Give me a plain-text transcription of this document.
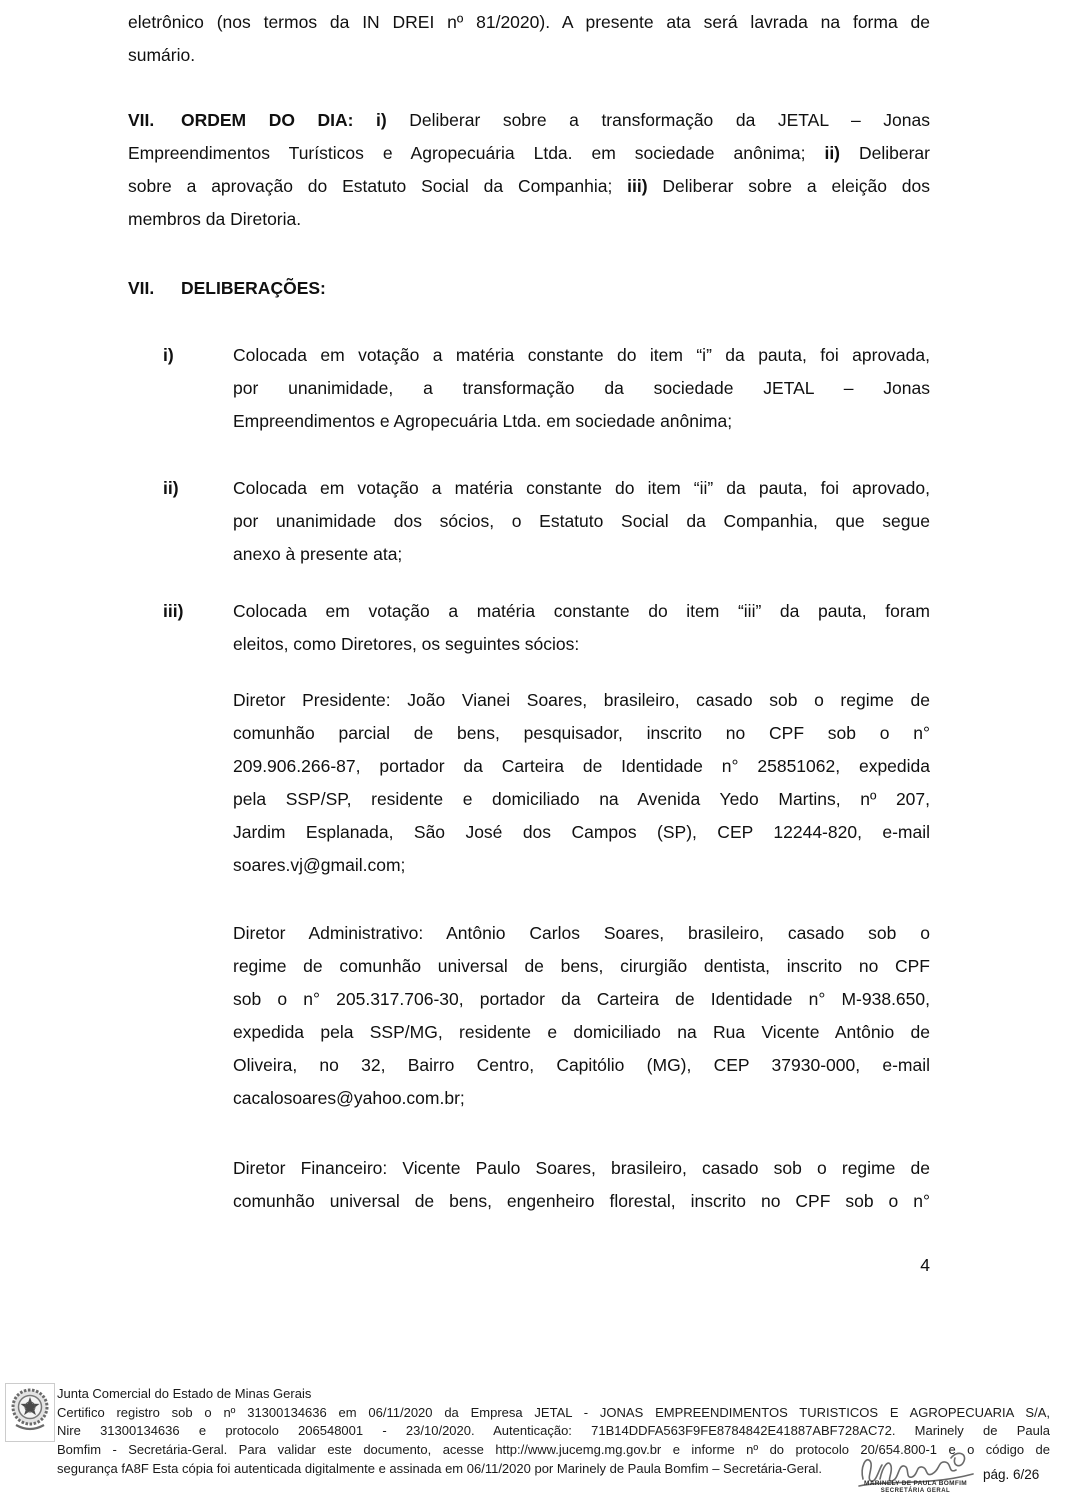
eletrônico (nos termos da IN DREI nº 81/2020). A presente ata será lavrada na forma de
sumário.
VII. ORDEM DO DIA: i) Deliberar sobre a transformação da JETAL – Jonas
Empreendimentos Turísticos e Agropecuária Ltda. em sociedade anônima; ii) Deliberar
sobre a aprovação do Estatuto Social da Companhia; iii) Deliberar sobre a eleição dos
membros da Diretoria.
VII. DELIBERAÇÕES:
i)	Colocada em votação a matéria constante do item “i” da pauta, foi aprovada,
por unanimidade, a transformação da sociedade JETAL – Jonas
Empreendimentos e Agropecuária Ltda. em sociedade anônima;
ii)	Colocada em votação a matéria constante do item “ii” da pauta, foi aprovado,
por unanimidade dos sócios, o Estatuto Social da Companhia, que segue
anexo à presente ata;
iii)	Colocada em votação a matéria constante do item “iii” da pauta, foram
eleitos, como Diretores, os seguintes sócios:
Diretor Presidente: João Vianei Soares, brasileiro, casado sob o regime de
comunhão parcial de bens, pesquisador, inscrito no CPF sob o n°
209.906.266-87, portador da Carteira de Identidade n° 25851062, expedida
pela SSP/SP, residente e domiciliado na Avenida Yedo Martins, nº 207,
Jardim Esplanada, São José dos Campos (SP), CEP 12244-820, e-mail
soares.vj@gmail.com;
Diretor Administrativo: Antônio Carlos Soares, brasileiro, casado sob o
regime de comunhão universal de bens, cirurgião dentista, inscrito no CPF
sob o n° 205.317.706-30, portador da Carteira de Identidade n° M-938.650,
expedida pela SSP/MG, residente e domiciliado na Rua Vicente Antônio de
Oliveira, no 32, Bairro Centro, Capitólio (MG), CEP 37930-000, e-mail
cacalosoares@yahoo.com.br;
Diretor Financeiro: Vicente Paulo Soares, brasileiro, casado sob o regime de
comunhão universal de bens, engenheiro florestal, inscrito no CPF sob o n°
4
Junta Comercial do Estado de Minas Gerais
Certifico registro sob o nº 31300134636 em 06/11/2020 da Empresa JETAL - JONAS EMPREENDIMENTOS TURISTICOS E AGROPECUARIA S/A,
Nire 31300134636 e protocolo 206548001 - 23/10/2020. Autenticação: 71B14DDFA563F9FE8784842E41887ABF728AC72. Marinely de Paula
Bomfim - Secretária-Geral. Para validar este documento, acesse http://www.jucemg.mg.gov.br e informe nº do protocolo 20/654.800-1 e o código de
segurança fA8F Esta cópia foi autenticada digitalmente e assinada em 06/11/2020 por Marinely de Paula Bomfim – Secretária-Geral.
MARINELY DE PAULA BOMFIM
SECRETÁRIA GERAL
pág. 6/26
